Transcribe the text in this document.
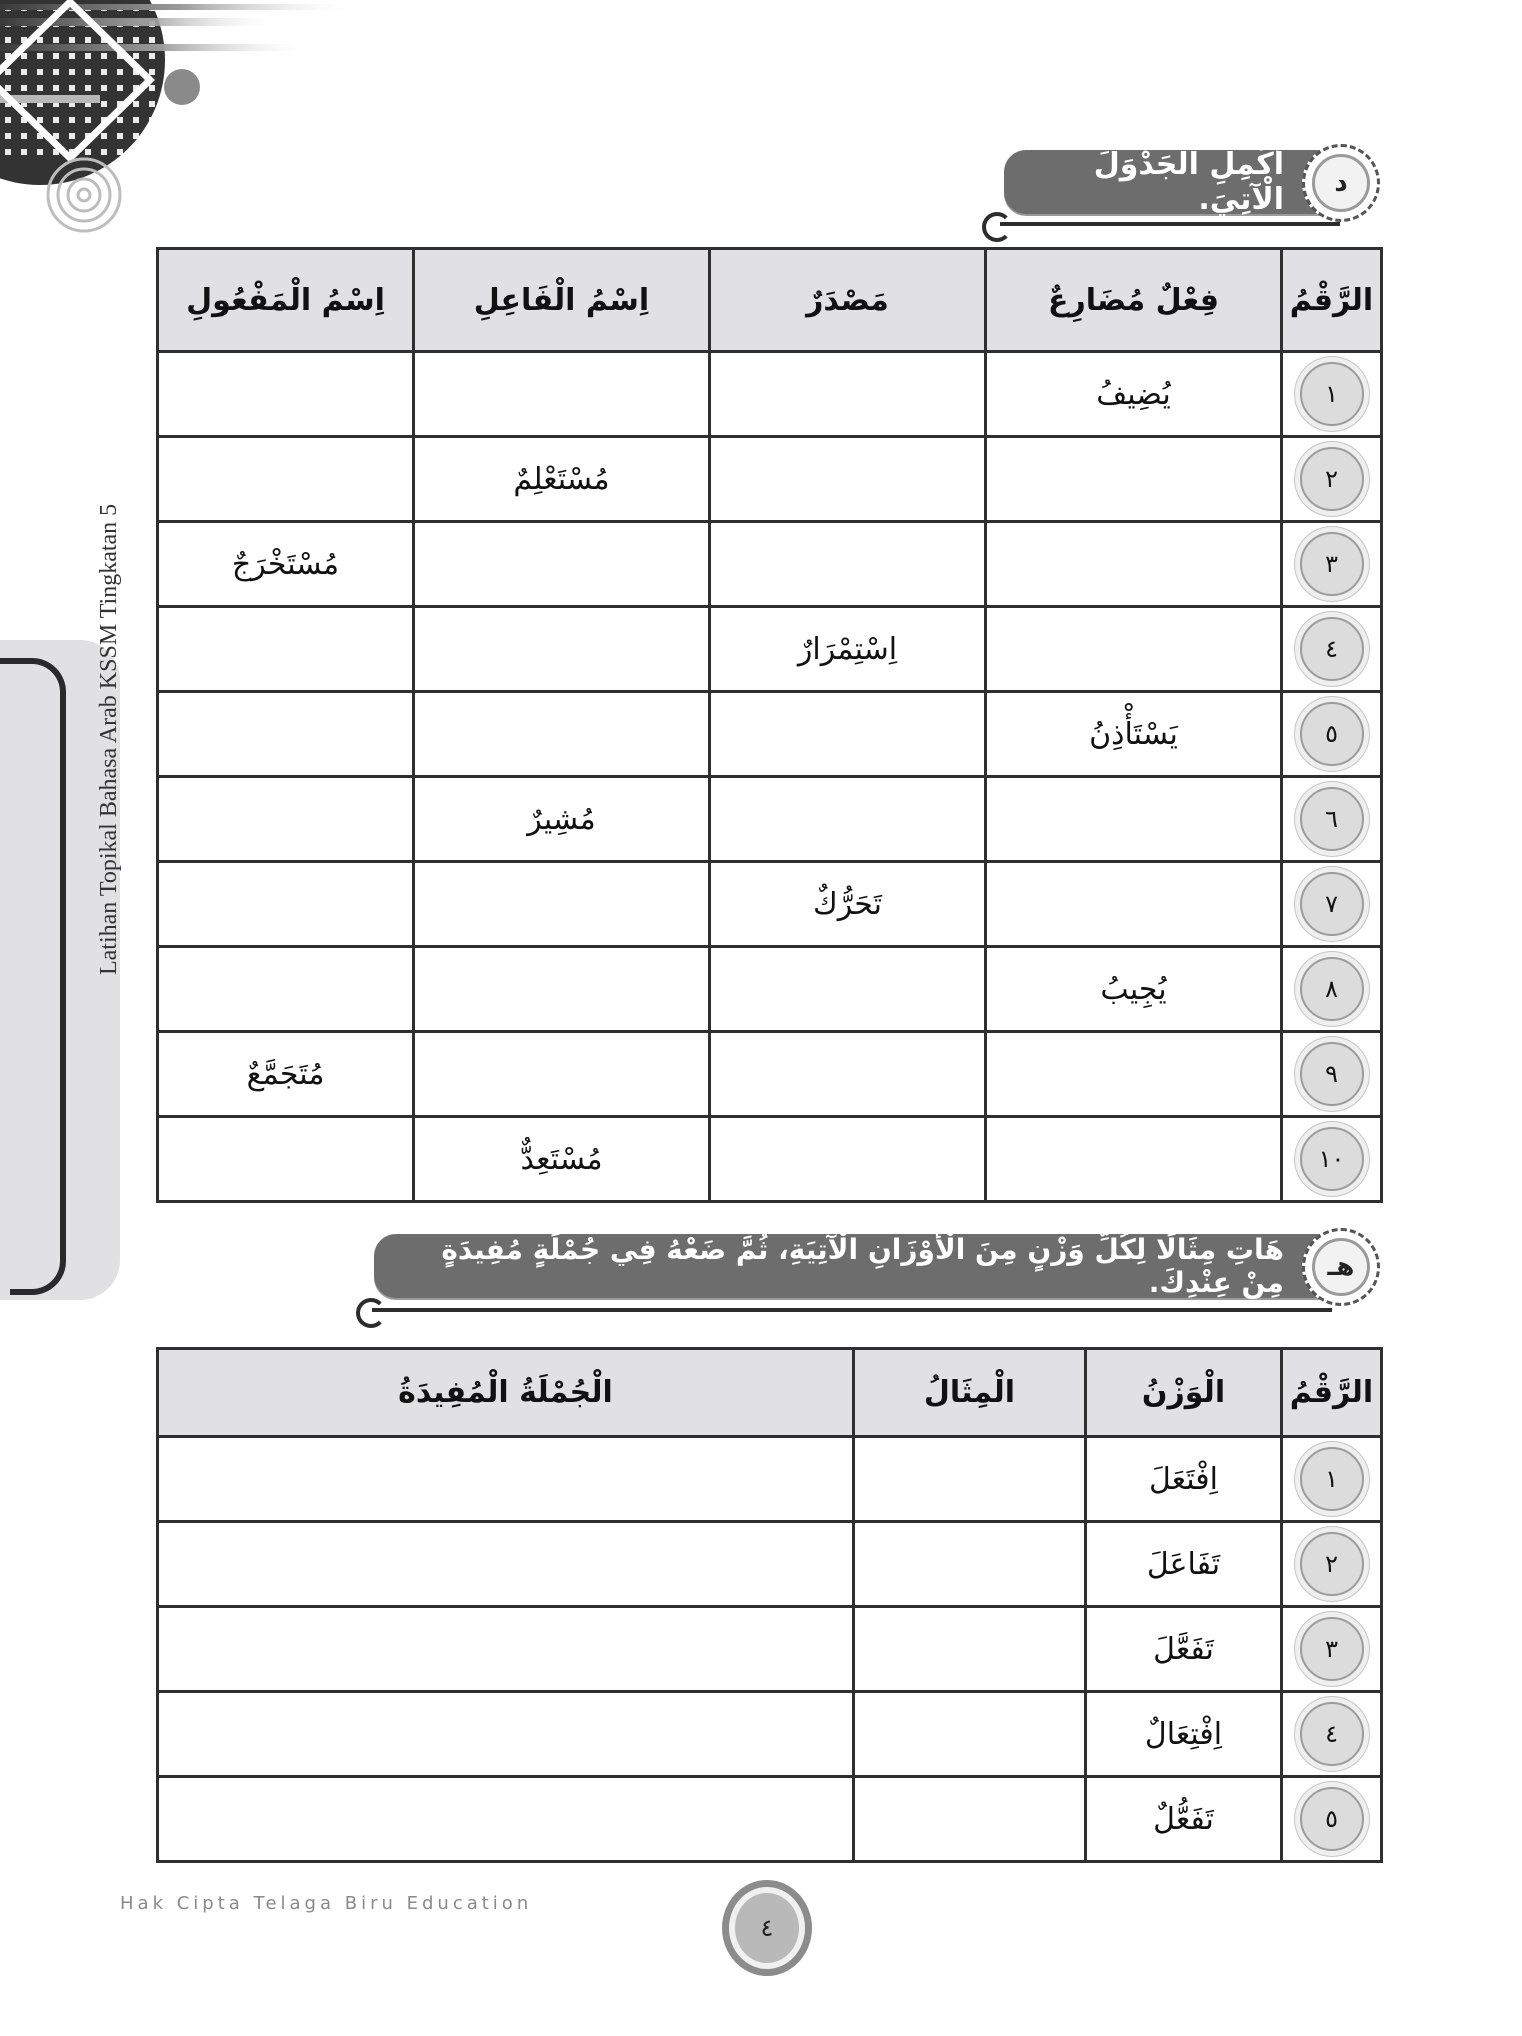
Latihan Topikal Bahasa Arab KSSM Tingkatan 5
أَكْمِلِ الْجَدْوَلَ الْآتِيَ.	د
الرَّقْمُ	فِعْلٌ مُضَارِعٌ	مَصْدَرٌ	اِسْمُ الْفَاعِلِ	اِسْمُ الْمَفْعُولِ

١	يُضِيفُ			

٢			مُسْتَعْلِمٌ	

٣				مُسْتَخْرَجٌ

٤		اِسْتِمْرَارٌ		

٥	يَسْتَأْذِنُ			

٦			مُشِيرٌ	

٧		تَحَرُّكٌ		

٨	يُجِيبُ			

٩				مُتَجَمَّعٌ

١٠			مُسْتَعِدٌّ	
هَاتِ مِثَالًا لِكُلِّ وَزْنٍ مِنَ الْأَوْزَانِ الْآتِيَةِ، ثُمَّ ضَعْهُ فِي جُمْلَةٍ مُفِيدَةٍ مِنْ عِنْدِكَ.	هـ
الرَّقْمُ	الْوَزْنُ	الْمِثَالُ	الْجُمْلَةُ الْمُفِيدَةُ

١	اِفْتَعَلَ		

٢	تَفَاعَلَ		

٣	تَفَعَّلَ		

٤	اِفْتِعَالٌ		

٥	تَفَعُّلٌ		
Hak Cipta Telaga Biru Education
٤
